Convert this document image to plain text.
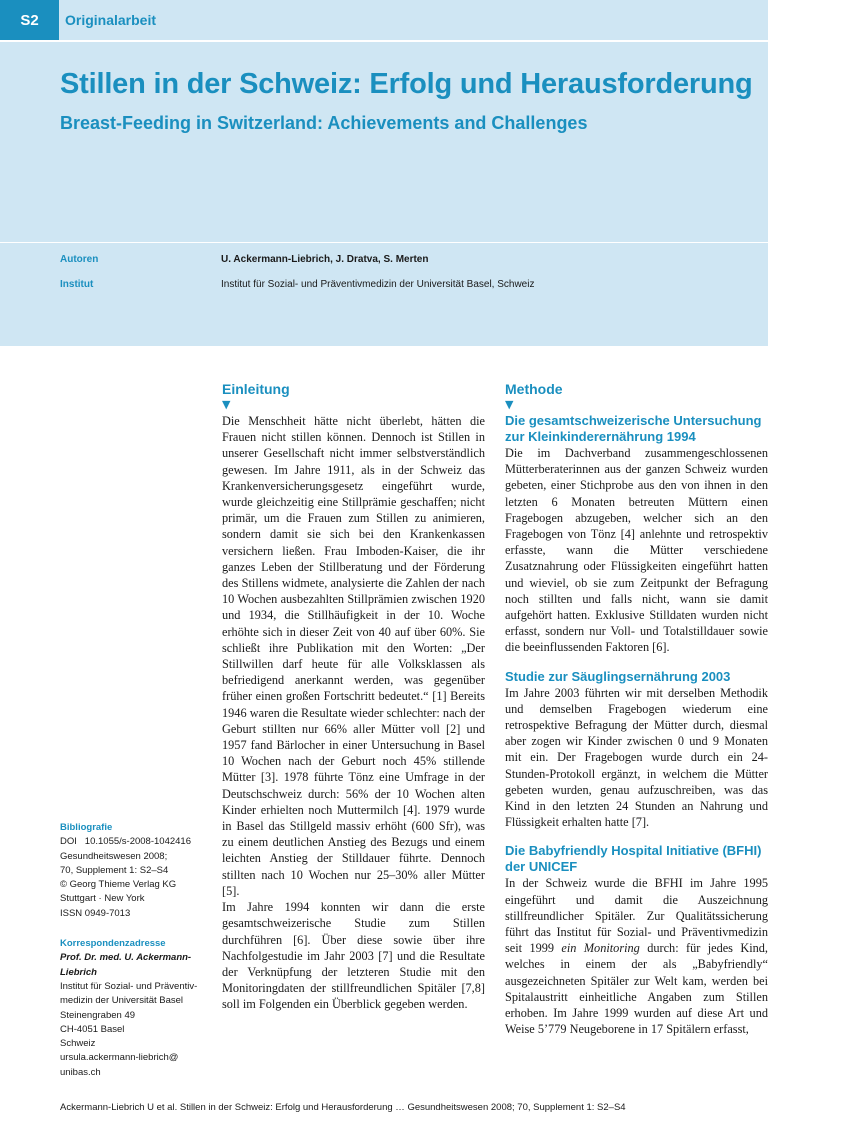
S2	Originalarbeit
Stillen in der Schweiz: Erfolg und Herausforderung
Breast-Feeding in Switzerland: Achievements and Challenges
Autoren	U. Ackermann-Liebrich, J. Dratva, S. Merten
Institut	Institut für Sozial- und Präventivmedizin der Universität Basel, Schweiz
Bibliografie
DOI   10.1055/s-2008-1042416
Gesundheitswesen 2008;
70, Supplement 1: S2–S4
© Georg Thieme Verlag KG
Stuttgart · New York
ISSN 0949-7013
Korrespondenzadresse
Prof. Dr. med. U. Ackermann-
Liebrich
Institut für Sozial- und Präventiv-
medizin der Universität Basel
Steinengraben 49
CH-4051 Basel
Schweiz
ursula.ackermann-liebrich@
unibas.ch
Einleitung
▼

Die Menschheit hätte nicht überlebt, hätten die Frauen nicht stillen können. Dennoch ist Stillen in unserer Gesellschaft nicht immer selbstverständlich gewesen. Im Jahre 1911, als in der Schweiz das Krankenversicherungsgesetz eingeführt wurde, wurde gleichzeitig eine Stillprämie geschaffen; nicht primär, um die Frauen zum Stillen zu animieren, sondern damit sie sich bei den Krankenkassen versichern ließen. Frau Imboden-Kaiser, die ihr ganzes Leben der Stillberatung und der Förderung des Stillens widmete, analysierte die Zahlen der nach 10 Wochen ausbezahlten Stillprämien zwischen 1920 und 1934, die Stillhäufigkeit in der 10. Woche erhöhte sich in dieser Zeit von 40 auf über 60%. Sie schließt ihre Publikation mit den Worten: „Der Stillwillen darf heute für alle Volksklassen als befriedigend anerkannt werden, was gegenüber früher einen großen Fortschritt bedeutet.“ [1] Bereits 1946 waren die Resultate wieder schlechter: nach der Geburt stillten nur 66% aller Mütter voll [2] und 1957 fand Bärlocher in einer Untersuchung in Basel 10 Wochen nach der Geburt noch 45% stillende Mütter [3]. 1978 führte Tönz eine Umfrage in der Deutschschweiz durch: 56% der 10 Wochen alten Kinder erhielten noch Muttermilch [4]. 1979 wurde in Basel das Stillgeld massiv erhöht (600 Sfr), was zu einem deutlichen Anstieg des Bezugs und einem leichten Anstieg der Stilldauer führte. Dennoch stillten nach 10 Wochen nur 25–30% aller Mütter [5].

Im Jahre 1994 konnten wir dann die erste gesamtschweizerische Studie zum Stillen durchführen [6]. Über diese sowie über ihre Nachfolgestudie im Jahr 2003 [7] und die Resultate der Verknüpfung der letzteren Studie mit den Monitoringdaten der stillfreundlichen Spitäler [7,8] soll im Folgenden ein Überblick gegeben werden.

Methode
▼
Die gesamtschweizerische Untersuchung zur Kleinkinderernährung 1994

Die im Dachverband zusammengeschlossenen Mütterberaterinnen aus der ganzen Schweiz wurden gebeten, einer Stichprobe aus den von ihnen in den letzten 6 Monaten betreuten Müttern einen Fragebogen abzugeben, welcher sich an den Fragebogen von Tönz [4] anlehnte und retrospektiv erfasste, wann die Mütter verschiedene Zusatznahrung oder Flüssigkeiten eingeführt hatten und wieviel, ob sie zum Zeitpunkt der Befragung noch stillten und falls nicht, wann sie damit aufgehört hatten. Exklusive Stilldaten wurden nicht erfasst, sondern nur Voll- und Totalstilldauer sowie die beeinflussenden Faktoren [6].

Studie zur Säuglingsernährung 2003

Im Jahre 2003 führten wir mit derselben Methodik und demselben Fragebogen wiederum eine retrospektive Befragung der Mütter durch, diesmal aber zogen wir Kinder zwischen 0 und 9 Monaten mit ein. Der Fragebogen wurde durch ein 24-Stunden-Protokoll ergänzt, in welchem die Mütter gebeten wurden, genau aufzuschreiben, was das Kind in den letzten 24 Stunden an Nahrung und Flüssigkeit erhalten hatte [7].

Die Babyfriendly Hospital Initiative (BFHI) der UNICEF

In der Schweiz wurde die BFHI im Jahre 1995 eingeführt und damit die Auszeichnung stillfreundlicher Spitäler. Zur Qualitätssicherung führt das Institut für Sozial- und Präventivmedizin seit 1999 ein Monitoring durch: für jedes Kind, welches in einem der als „Babyfriendly“ ausgezeichneten Spitäler zur Welt kam, werden bei Spitalaustritt einheitliche Angaben zum Stillen erhoben. Im Jahre 1999 wurden auf diese Art und Weise 5’779 Neugeborene in 17 Spitälern erfasst,

Ackermann-Liebrich U et al. Stillen in der Schweiz: Erfolg und Herausforderung … Gesundheitswesen 2008; 70, Supplement 1: S2–S4
